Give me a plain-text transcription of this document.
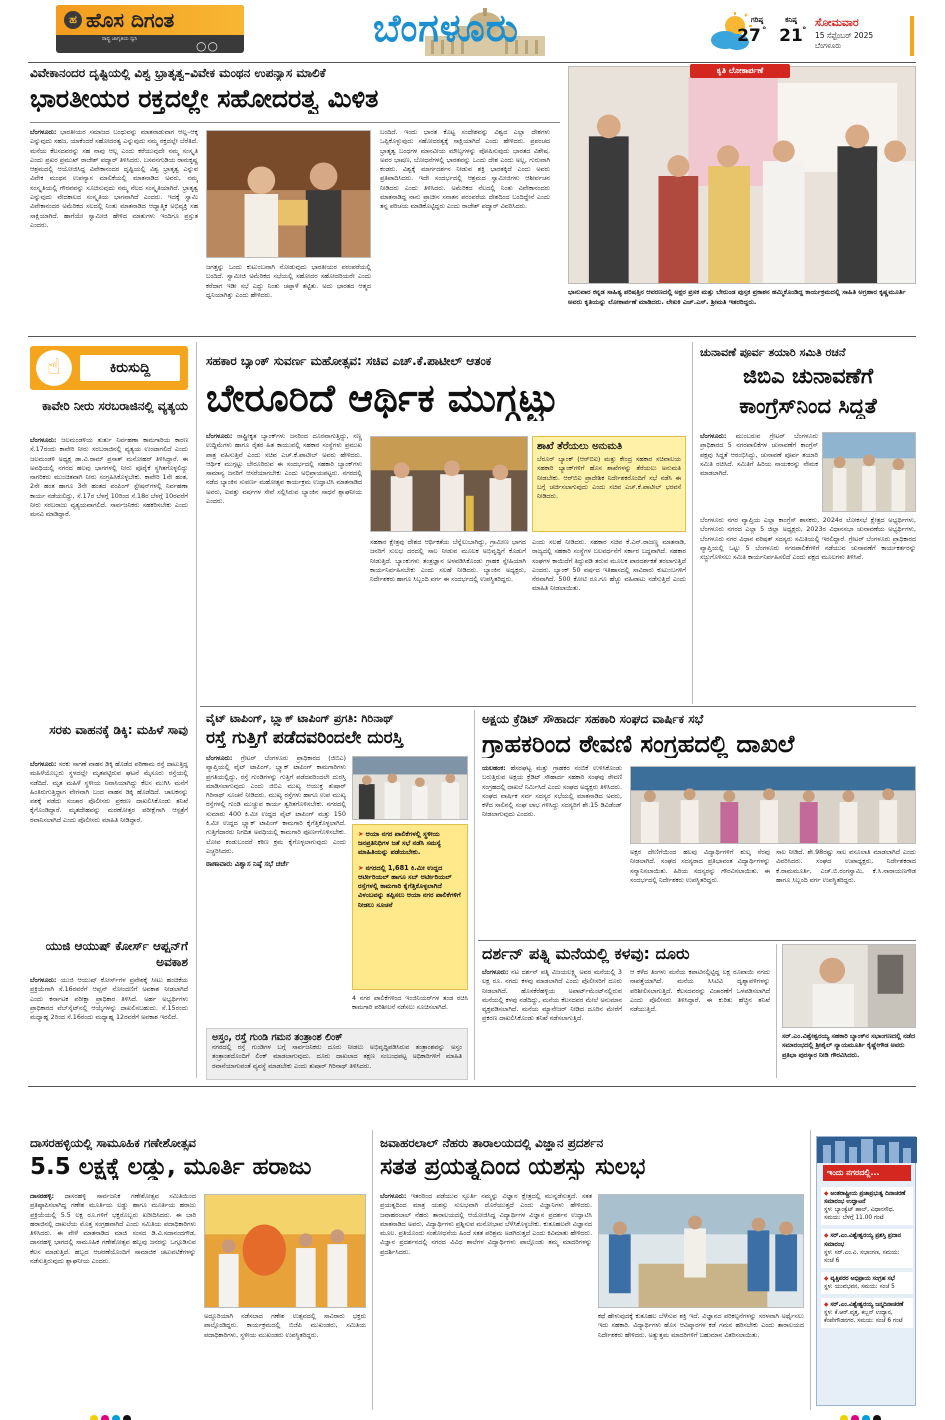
ಹ ಹೊಸ ದಿಗಂತ
ರಾಷ್ಟ್ರ ಜಾಗೃತಿಯ ಧ್ವನಿ	○○	ಬೆಂಗಳೂರು	ಗರಿಷ್ಠ
27 °
ಕನಿಷ್ಠ
21 °
ಸೋಮವಾರ
15 ಸೆಪ್ಟೆಂಬರ್ 2025
ಬೆಂಗಳೂರು
ವಿವೇಕಾನಂದರ ದೃಷ್ಟಿಯಲ್ಲಿ ವಿಶ್ವ ಭ್ರಾತೃತ್ವ–ವಿವೇಕ ಮಂಥನ ಉಪನ್ಯಾಸ ಮಾಲಿಕೆ
ಭಾರತೀಯರ ರಕ್ತದಲ್ಲೇ ಸಹೋದರತ್ವ ಮಿಳಿತ
ಬೆಂಗಳೂರು: ಭಾರತೀಯರ ಸಮಾಜದ ಬಂಧುವನ್ನು ಮಾತನಾಡುವಾಗ ಆಲ್ಲ–ಆಕ್ಕ ಎನ್ನುವುದು ಸಹಜ, ಯಾಕೆಂದರೆ ಸಹೋದರತ್ವ ಎನ್ನುವುದು ನಮ್ಮ ರಕ್ತದಲ್ಲೇ ಬೆರೆತಿದೆ. ಮನೆಯ ಕೆಲಸದವರನ್ನು ಸಹ ನಾವು ಆಲ್ಲ ಎಂದು ಕರೆಯುವುದೇ ನಮ್ಮ ಸಂಸ್ಕೃತಿ ಎಂದು ಪ್ರಖರ ಪ್ರಮುಖ್ ರಾಜೇಶ್ ಪದ್ಮಾರ್ ತಿಳಿಸಿದರು. ಬಸವನಗುಡಿಯ ರಾಮಕೃಷ್ಣ ಆಶ್ರಮದಲ್ಲಿ ಆಯೋಜಿಸಿದ್ದ ವಿವೇಕಾನಂದರ ದೃಷ್ಟಿಯಲ್ಲಿ ವಿಶ್ವ ಭ್ರಾತೃತ್ವ ಎನ್ನುವ ವಿವೇಕ ಮಂಥನ ಉಪನ್ಯಾಸ ಮಾಲಿಕೆಯಲ್ಲಿ ಮಾತನಾಡಿದ ಅವರು, ನಮ್ಮ ಸಂಸ್ಕೃತಿಯಲ್ಲಿ ಗೌರವವನ್ನು ಸೂಚಿಸುವುದು ನಮ್ಮ ನೆಲದ ಸಂಸ್ಕೃತಿಯಾಗಿದೆ. ಭ್ರಾತೃತ್ವ ಎನ್ನುವುದು ವೇದಕಾಲದ ಸಂಸ್ಕೃತಿಯ ಭಾಗವಾಗಿದೆ ಎಂದರು. ಇದಕ್ಕೆ ಸ್ವಾಮಿ ವಿವೇಕಾನಂದರ ಅಮೆರಿಕದ ಸಲದಲ್ಲಿ ನಿಂತು ಮಾತನಾಡಿದ ಆಧ್ಯಾತ್ಮಿಕ ಅಭಿವ್ಯಕ್ತಿ ಸಹ ಸಾಕ್ಷಿಯಾಗಿದೆ. ಹಾಗೆಯೇ ಸ್ವಾಮೀಜಿ ಹೇಳಿದ ಮಾತುಗಳು ಇಂದಿಗೂ ಪ್ರಸ್ತುತ ಎಂದರು.
ಜಗತ್ತನ್ನು ಒಂದು ಕುಟುಂಬವಾಗಿ ನೋಡುವುದು ಭಾರತೀಯರ ಪರಂಪರೆಯಲ್ಲಿ ಬಂದಿದೆ. ಸ್ವಾಮೀಜಿ ಅಮೆರಿಕದ ಸಭೆಯಲ್ಲಿ ಸಹೋದರ ಸಹೋದರಿಯರೇ ಎಂದು ಕರೆದಾಗ ಇಡೀ ಸಭೆ ಎದ್ದು ನಿಂತು ಚಪ್ಪಾಳೆ ತಟ್ಟಿತು. ಅದು ಭಾರತದ ಆತ್ಮದ ಧ್ವನಿಯಾಗಿತ್ತು ಎಂದು ಹೇಳಿದರು.
ಬಂದಿದೆ. ಇಂದು ಭಾರತ ಕೊಟ್ಟ ಸಂದೇಶವನ್ನು ವಿಶ್ವದ ಎಲ್ಲಾ ದೇಶಗಳು ಒಪ್ಪಿಕೊಳ್ಳುವುದು ಸಹೋದರತ್ವಕ್ಕೆ ಸಾಕ್ಷಿಯಾಗಿದೆ ಎಂದು ಹೇಳಿದರು. ಪ್ರಪಂಚದ ಭ್ರಾತೃತ್ವ ಬಂಧಗಳ ಮಾನವೀಯ ಮೌಲ್ಯಗಳನ್ನು ಪೋಷಿಸುವುದು ಭಾರತದ ವಿಶೇಷ. ಅವರ ಭಾಷಣ, ಬೋಧನೆಗಳಲ್ಲಿ ಭಾರತವನ್ನು ಒಂದು ದೇಶ ಎಂದು ಅಲ್ಲ, ಗುರುವಾಗಿ ಕಂಡರು. ವಿಶ್ವಕ್ಕೆ ಮಾರ್ಗದರ್ಶನ ನೀಡುವ ಶಕ್ತಿ ಭಾರತಕ್ಕಿದೆ ಎಂದು ಅವರು ಪ್ರತಿಪಾದಿಸಿದರು. ಇದೇ ಸಂದರ್ಭದಲ್ಲಿ ಆಶ್ರಮದ ಸ್ವಾಮೀಜಿಗಳು ಆಶೀರ್ವಚನ ನೀಡಿದರು ಎಂದು ತಿಳಿಸಿದರು. ಅಮೆರಿಕದ ನೆಲದಲ್ಲಿ ನಿಂತು ವಿವೇಕಾನಂದರು ಮಾತನಾಡಿದ್ದ ನಾನು ಪ್ರಾಚೀನ ಸನಾತನ ಪರಂಪರೆಯ ದೇಶದಿಂದ ಬಂದಿದ್ದೇನೆ ಎಂದು ತನ್ನ ಪರಿಚಯ ಮಾಡಿಕೊಟ್ಟಿದ್ದರು ಎಂದು ರಾಜೇಶ್ ಪದ್ಮಾರ್ ವಿವರಿಸಿದರು.
ಕೃತಿ ಲೋಕಾರ್ಪಣೆ
ಭಾನುವಾರ ಕನ್ನಡ ಸಾಹಿತ್ಯ ಪರಿಷತ್ತಿನ ಆವರಣದಲ್ಲಿ ಅಕ್ಷರ ಪ್ರಸಕ ಮತ್ತು ಬೇರುಂಡ ಪುಸ್ತಕ ಪ್ರಕಾಶನ ಹಮ್ಮಿಕೊಂಡಿದ್ದ ಕಾರ್ಯಕ್ರಮದಲ್ಲಿ ಸಾಹಿತಿ ಅಗ್ರಹಾರ ಕೃಷ್ಣಮೂರ್ತಿ ಅವರು ಕೃತಿಯನ್ನು ಲೋಕಾರ್ಪಣೆ ಮಾಡಿದರು. ಲೇಖಕಿ ಎಚ್.ಎಸ್. ಶ್ರೀಮತಿ ಇತರರಿದ್ದರು.
☝	ಕಿರುಸುದ್ದಿ
ಕಾವೇರಿ ನೀರು ಸರಬರಾಜಿನಲ್ಲಿ ವ್ಯತ್ಯಯ
ಬೆಂಗಳೂರು: ಜಲಮಂಡಳಿಯ ತುರ್ತು ನಿರ್ವಹಣಾ ಕಾಮಗಾರಿಯ ಕಾರಣ ಸೆ.17ರಂದು ಕಾವೇರಿ ನೀರು ಸರಬರಾಜಿನಲ್ಲಿ ವ್ಯತ್ಯಯ ಉಂಟಾಗಲಿದೆ ಎಂದು ಜಲಮಂಡಳಿ ಅಧ್ಯಕ್ಷ ಡಾ.ವಿ.ರಾಮ್ ಪ್ರಸಾತ್ ಮನೋಹರ್ ತಿಳಿಸಿದ್ದಾರೆ. ಈ ಅವಧಿಯಲ್ಲಿ ನಗರದ ಹಲವು ಭಾಗಗಳಲ್ಲಿ ನೀರು ಪೂರೈಕೆ ಸ್ಥಗಿತಗೊಳ್ಳಲಿದ್ದು ನಾಗರಿಕರು ಮುಂಚಿತವಾಗಿ ನೀರು ಸಂಗ್ರಹಿಸಿಕೊಳ್ಳಬೇಕು. ಕಾವೇರಿ 1ನೇ ಹಂತ, 2ನೇ ಹಂತ ಹಾಗೂ 3ನೇ ಹಂತದ ಪಂಪಿಂಗ್ ಸ್ಟೇಷನ್‌ಗಳಲ್ಲಿ ನಿರ್ವಹಣಾ ಕಾರ್ಯ ನಡೆಯಲಿದ್ದು, ಸೆ.17ರ ಬೆಳಗ್ಗೆ 10ರಿಂದ ಸೆ.18ರ ಬೆಳಗ್ಗೆ 10ರವರೆಗೆ ನೀರು ಸರಬರಾಜು ವ್ಯತ್ಯಯವಾಗಲಿದೆ. ಸಾರ್ವಜನಿಕರು ಸಹಕರಿಸಬೇಕು ಎಂದು ಮನವಿ ಮಾಡಿದ್ದಾರೆ.
ಸರಕು ವಾಹನಕ್ಕೆ ಡಿಕ್ಕಿ: ಮಹಿಳೆ ಸಾವು
ಬೆಂಗಳೂರು: ಸರಕು ಸಾಗಣೆ ವಾಹನ ಡಿಕ್ಕಿ ಹೊಡೆದ ಪರಿಣಾಮ ರಸ್ತೆ ದಾಟುತ್ತಿದ್ದ ಮಹಿಳೆಯೊಬ್ಬರು ಸ್ಥಳದಲ್ಲೇ ಮೃತಪಟ್ಟಿರುವ ಘಟನೆ ಮೈಸೂರು ರಸ್ತೆಯಲ್ಲಿ ನಡೆದಿದೆ. ಮೃತ ಮಹಿಳೆ ಸ್ಥಳೀಯ ನಿವಾಸಿಯಾಗಿದ್ದು ಕೆಲಸ ಮುಗಿಸಿ ಮನೆಗೆ ಹಿಂತಿರುಗುತ್ತಿದ್ದಾಗ ವೇಗವಾಗಿ ಬಂದ ವಾಹನ ಡಿಕ್ಕಿ ಹೊಡೆದಿದೆ. ಚಾಲಕನನ್ನು ವಶಕ್ಕೆ ಪಡೆದು ಸಂಚಾರ ಪೊಲೀಸರು ಪ್ರಕರಣ ದಾಖಲಿಸಿಕೊಂಡು ತನಿಖೆ ಕೈಗೊಂಡಿದ್ದಾರೆ. ಮೃತದೇಹವನ್ನು ಮರಣೋತ್ತರ ಪರೀಕ್ಷೆಗಾಗಿ ಆಸ್ಪತ್ರೆಗೆ ರವಾನಿಸಲಾಗಿದೆ ಎಂದು ಪೊಲೀಸರು ಮಾಹಿತಿ ನೀಡಿದ್ದಾರೆ.
ಯುಜಿ ಆಯುಷ್ ಕೋರ್ಸ್ ಆಪ್ಷನ್‌ಗೆ ಅವಕಾಶ
ಬೆಂಗಳೂರು: ಯುಜಿ ಆಯುಷ್ ಕೋರ್ಸ್‌ಗಳ ಪ್ರವೇಶಕ್ಕೆ ಸೀಟು ಹಂಚಿಕೆಯ ಪ್ರಕ್ರಿಯೆಗಾಗಿ ಸೆ.16ರವರೆಗೆ ಆಪ್ಷನ್ ನೋಂದಣಿಗೆ ಅವಕಾಶ ನೀಡಲಾಗಿದೆ ಎಂದು ಕರ್ನಾಟಕ ಪರೀಕ್ಷಾ ಪ್ರಾಧಿಕಾರ ತಿಳಿಸಿದೆ. ಅರ್ಹ ಅಭ್ಯರ್ಥಿಗಳು ಪ್ರಾಧಿಕಾರದ ವೆಬ್‌ಸೈಟ್‌ನಲ್ಲಿ ಆಯ್ಕೆಗಳನ್ನು ದಾಖಲಿಸಬಹುದು. ಸೆ.15ರಂದು ಮಧ್ಯಾಹ್ನ 2ರಿಂದ ಸೆ.16ರಂದು ಮಧ್ಯಾಹ್ನ 12ರವರೆಗೆ ಅವಕಾಶ ಇರಲಿದೆ.
ಸಹಕಾರ ಬ್ಯಾಂಕ್ ಸುವರ್ಣ ಮಹೋತ್ಸವ: ಸಚಿವ ಎಚ್.ಕೆ.ಪಾಟೀಲ್ ಆತಂಕ
ಬೇರೂರಿದೆ ಆರ್ಥಿಕ ಮುಗ್ಗಟ್ಟು
ಬೆಂಗಳೂರು: ರಾಷ್ಟ್ರೀಕೃತ ಬ್ಯಾಂಕ್‌ಗಳು ಜನರಿಂದ ದೂರವಾಗುತ್ತಿದ್ದು, ಸಣ್ಣ ಉದ್ದಿಮೆಗಳು ಹಾಗೂ ರೈತರ ಹಿತ ಕಾಯುವಲ್ಲಿ ಸಹಕಾರ ಸಂಸ್ಥೆಗಳು ಪ್ರಮುಖ ಪಾತ್ರ ವಹಿಸುತ್ತಿವೆ ಎಂದು ಸಚಿವ ಎಚ್.ಕೆ.ಪಾಟೀಲ್ ಅವರು ಹೇಳಿದರು. ಆರ್ಥಿಕ ಮುಗ್ಗಟ್ಟು ಬೇರೂರಿರುವ ಈ ಸಂದರ್ಭದಲ್ಲಿ ಸಹಕಾರಿ ಬ್ಯಾಂಕ್‌ಗಳು ಸಾಮಾನ್ಯ ಜನರಿಗೆ ಆಸರೆಯಾಗಬೇಕು ಎಂದು ಅಭಿಪ್ರಾಯಪಟ್ಟರು. ನಗರದಲ್ಲಿ ನಡೆದ ಬ್ಯಾಂಕಿನ ಸುವರ್ಣ ಮಹೋತ್ಸವ ಕಾರ್ಯಕ್ರಮ ಉದ್ಘಾಟಿಸಿ ಮಾತನಾಡಿದ ಅವರು, ಐವತ್ತು ವರ್ಷಗಳ ಸೇವೆ ಸಲ್ಲಿಸಿರುವ ಬ್ಯಾಂಕಿನ ಸಾಧನೆ ಶ್ಲಾಘನೀಯ ಎಂದರು.
ಶಾಖೆ ತೆರೆಯಲು ಅನುಮತಿ
ಬೆರೂರ್ ಬ್ಯಾಂಕ್ (ಆರ್‌ಬಿಐ) ಮತ್ತು ಕೇಂದ್ರ ಸಹಕಾರ ಸಚಿವಾಲಯ ಸಹಕಾರಿ ಬ್ಯಾಂಕ್‌ಗಳಿಗೆ ಹೊಸ ಶಾಖೆಗಳನ್ನು ತೆರೆಯಲು ಅನುಮತಿ ನೀಡಬೇಕು. ಆರ್‌ಬಿಐ ಪ್ರಾದೇಶಿಕ ನಿರ್ದೇಶಕರೊಂದಿಗೆ ಸಭೆ ನಡೆಸಿ ಈ ಬಗ್ಗೆ ಚರ್ಚಿಸಲಾಗುವುದು ಎಂದು ಸಚಿವ ಎಚ್.ಕೆ.ಪಾಟೀಲ್ ಭರವಸೆ ನೀಡಿದರು.
ಸಹಕಾರ ಕ್ಷೇತ್ರವು ದೇಶದ ಆರ್ಥಿಕತೆಯ ಬೆನ್ನೆಲುಬಾಗಿದ್ದು, ಗ್ರಾಮೀಣ ಭಾಗದ ಜನರಿಗೆ ಸುಲಭ ದರದಲ್ಲಿ ಸಾಲ ನೀಡುವ ಮೂಲಕ ಅಭಿವೃದ್ಧಿಗೆ ಕೊಡುಗೆ ನೀಡುತ್ತಿದೆ. ಬ್ಯಾಂಕುಗಳು ತಂತ್ರಜ್ಞಾನ ಅಳವಡಿಸಿಕೊಂಡು ಗ್ರಾಹಕ ಸ್ನೇಹಿಯಾಗಿ ಕಾರ್ಯನಿರ್ವಹಿಸಬೇಕು ಎಂದು ಸಲಹೆ ನೀಡಿದರು. ಬ್ಯಾಂಕಿನ ಅಧ್ಯಕ್ಷರು, ನಿರ್ದೇಶಕರು ಹಾಗೂ ಸಿಬ್ಬಂದಿ ವರ್ಗ ಈ ಸಂದರ್ಭದಲ್ಲಿ ಉಪಸ್ಥಿತರಿದ್ದರು.
ಎಂದು ಸಲಹೆ ನೀಡಿದರು. ಸಹಕಾರ ಸಚಿವ ಕೆ.ಎನ್.ರಾಜಣ್ಣ ಮಾತನಾಡಿ, ರಾಜ್ಯದಲ್ಲಿ ಸಹಕಾರಿ ಸಂಸ್ಥೆಗಳ ಬಲವರ್ಧನೆಗೆ ಸರ್ಕಾರ ಬದ್ಧವಾಗಿದೆ. ಸಹಕಾರ ಸಂಘಗಳ ಕಾಯಿದೆಗೆ ತಿದ್ದುಪಡಿ ತರುವ ಮೂಲಕ ಪಾರದರ್ಶಕತೆ ತರಲಾಗುತ್ತಿದೆ ಎಂದರು. ಬ್ಯಾಂಕ್ 50 ವರ್ಷದ ಇತಿಹಾಸದಲ್ಲಿ ಸಾವಿರಾರು ಕುಟುಂಬಗಳಿಗೆ ನೆರವಾಗಿದೆ. 500 ಕೋಟಿ ರೂ.ಗೂ ಹೆಚ್ಚು ವಹಿವಾಟು ನಡೆಸುತ್ತಿದೆ ಎಂದು ಮಾಹಿತಿ ನೀಡಲಾಯಿತು.
ಚುನಾವಣೆ ಪೂರ್ವ ತಯಾರಿ ಸಮಿತಿ ರಚನೆ
ಜಿಬಿಎ ಚುನಾವಣೆಗೆ
ಕಾಂಗ್ರೆಸ್‌ನಿಂದ ಸಿದ್ಧತೆ
ಬೆಂಗಳೂರು: ಮುಂಬರುವ ಗ್ರೇಟರ್ ಬೆಂಗಳೂರು ಪ್ರಾಧಿಕಾರದ 5 ನಗರಪಾಲಿಕೆಗಳ ಚುನಾವಣೆಗೆ ಕಾಂಗ್ರೆಸ್ ಪಕ್ಷವು ಸಿದ್ಧತೆ ಆರಂಭಿಸಿದ್ದು, ಚುನಾವಣೆ ಪೂರ್ವ ತಯಾರಿ ಸಮಿತಿ ರಚಿಸಿದೆ. ಸಮಿತಿಗೆ ಹಿರಿಯ ನಾಯಕರನ್ನು ನೇಮಕ ಮಾಡಲಾಗಿದೆ.
ಬೆಂಗಳೂರು ನಗರ ವ್ಯಾಪ್ತಿಯ ಎಲ್ಲಾ ಕಾಂಗ್ರೆಸ್ ಶಾಸಕರು, 2024ರ ಲೋಕಸಭೆ ಕ್ಷೇತ್ರದ ಅಭ್ಯರ್ಥಿಗಳು, ಬೆಂಗಳೂರು ನಗರದ ಎಲ್ಲಾ 5 ಜಿಲ್ಲಾ ಅಧ್ಯಕ್ಷರು, 2023ರ ವಿಧಾನಸಭಾ ಚುನಾವಣೆಯ ಅಭ್ಯರ್ಥಿಗಳು, ಬೆಂಗಳೂರು ನಗರ ವಿಧಾನ ಪರಿಷತ್ ಸದಸ್ಯರು ಸಮಿತಿಯಲ್ಲಿ ಇರಲಿದ್ದಾರೆ. ಗ್ರೇಟರ್ ಬೆಂಗಳೂರು ಪ್ರಾಧಿಕಾರದ ವ್ಯಾಪ್ತಿಯಲ್ಲಿ ಒಟ್ಟು 5 ಬೆಂಗಳೂರು ನಗರಪಾಲಿಕೆಗಳಿಗೆ ನಡೆಯುವ ಚುನಾವಣೆಗೆ ಕಾರ್ಯಕರ್ತರನ್ನು ಸಜ್ಜುಗೊಳಿಸಲು ಸಮಿತಿ ಕಾರ್ಯನಿರ್ವಹಿಸಲಿದೆ ಎಂದು ಪಕ್ಷದ ಮೂಲಗಳು ತಿಳಿಸಿವೆ.
ವೈಟ್ ಟಾಪಿಂಗ್, ಬ್ಲ್ಯಾಕ್ ಟಾಪಿಂಗ್ ಪ್ರಗತಿ: ಗಿರಿನಾಥ್
ರಸ್ತೆ ಗುತ್ತಿಗೆ ಪಡೆದವರಿಂದಲೇ ದುರಸ್ತಿ
ಬೆಂಗಳೂರು: ಗ್ರೇಟರ್ ಬೆಂಗಳೂರು ಪ್ರಾಧಿಕಾರದ (ಜಿಬಿಎ) ವ್ಯಾಪ್ತಿಯಲ್ಲಿ ವೈಟ್ ಟಾಪಿಂಗ್, ಬ್ಲ್ಯಾಕ್ ಟಾಪಿಂಗ್ ಕಾಮಗಾರಿಗಳು ಪ್ರಗತಿಯಲ್ಲಿದ್ದು, ರಸ್ತೆ ಗುಂಡಿಗಳನ್ನು ಗುತ್ತಿಗೆ ಪಡೆದವರಿಂದಲೇ ದುರಸ್ತಿ ಮಾಡಿಸಲಾಗುವುದು ಎಂದು ಜಿಬಿಎ ಮುಖ್ಯ ಆಯುಕ್ತ ತುಷಾರ್ ಗಿರಿನಾಥ್ ಸೂಚನೆ ನೀಡಿದರು. ಮುಖ್ಯ ರಸ್ತೆಗಳು ಹಾಗೂ ಉಪ ಮುಖ್ಯ ರಸ್ತೆಗಳಲ್ಲಿ ಗುಂಡಿ ಮುಚ್ಚುವ ಕಾರ್ಯ ತ್ವರಿತಗೊಳಿಸಬೇಕು. ನಗರದಲ್ಲಿ ಸುಮಾರು 400 ಕಿ.ಮೀ ಉದ್ದದ ವೈಟ್ ಟಾಪಿಂಗ್ ಮತ್ತು 150 ಕಿ.ಮೀ ಉದ್ದದ ಬ್ಲ್ಯಾಕ್ ಟಾಪಿಂಗ್ ಕಾಮಗಾರಿ ಕೈಗೆತ್ತಿಕೊಳ್ಳಲಾಗಿದೆ. ಗುತ್ತಿಗೆದಾರರು ನಿಗದಿತ ಅವಧಿಯಲ್ಲಿ ಕಾಮಗಾರಿ ಪೂರ್ಣಗೊಳಿಸಬೇಕು. ಲೋಪ ಕಂಡುಬಂದರೆ ಕಠಿಣ ಕ್ರಮ ಕೈಗೊಳ್ಳಲಾಗುವುದು ಎಂದು ಎಚ್ಚರಿಸಿದರು.
ಠಾಣಾವಾರು ವಿಶ್ವಾಸ ನಿಷ್ಠೆ ಸಭೆ ಚರ್ಚೆ
➤ ಆಯಾ ನಗರ ಪಾಲಿಕೆಗಳಲ್ಲಿ ಸ್ಥಳೀಯ ಜನಪ್ರತಿನಿಧಿಗಳ ಜತೆ ಸಭೆ ನಡೆಸಿ ಸಮಸ್ಯೆ ಮಾಹಿತಿಯನ್ನು ಪಡೆಯಬೇಕು.
➤ ನಗರದಲ್ಲಿ 1,681 ಕಿ.ಮೀ ಉದ್ದದ ಆರ್ಟೀರಿಯಲ್ ಹಾಗೂ ಸಬ್ ಆರ್ಟೀರಿಯಲ್ ರಸ್ತೆಗಳಲ್ಲಿ ಕಾಮಗಾರಿ ಕೈಗೆತ್ತಿಕೊಳ್ಳಲಾಗಿದೆ ವಿಳಂಬವನ್ನು ತಪ್ಪಿಸಲು ಆಯಾ ನಗರ ಪಾಲಿಕೆಗಳಿಗೆ ನೀಡಲು ಸೂಚನೆ
4 ನಗರ ಪಾಲಿಕೆಗಳಿಂದ ಇಂಜಿನಿಯರ್‌ಗಳ ತಂಡ ರಚಿಸಿ ಕಾಮಗಾರಿ ಪರಿಶೀಲನೆ ನಡೆಸಲು ಸೂಚಿಸಲಾಗಿದೆ.
ಅಸ್ತಂ, ರಸ್ತೆ ಗುಂಡಿ ಗಮನ ತಂತ್ರಾಂಶ ಲಿಂಕ್
ನಗರದಲ್ಲಿ ರಸ್ತೆ ಗುಂಡಿಗಳ ಬಗ್ಗೆ ಸಾರ್ವಜನಿಕರು ದೂರು ನೀಡಲು ಅಭಿವೃದ್ಧಿಪಡಿಸಿರುವ ತಂತ್ರಾಂಶವನ್ನು ಅಸ್ತಂ ತಂತ್ರಾಂಶದೊಂದಿಗೆ ಲಿಂಕ್ ಮಾಡಲಾಗುವುದು. ದೂರು ದಾಖಲಾದ ತಕ್ಷಣ ಸಂಬಂಧಪಟ್ಟ ಅಧಿಕಾರಿಗಳಿಗೆ ಮಾಹಿತಿ ರವಾನೆಯಾಗುವಂತೆ ವ್ಯವಸ್ಥೆ ಮಾಡಬೇಕು ಎಂದು ತುಷಾರ್ ಗಿರಿನಾಥ್ ತಿಳಿಸಿದರು.
ಅಕ್ಷಯ ಕ್ರೆಡಿಟ್ ಸೌಹಾರ್ದ ಸಹಕಾರಿ ಸಂಘದ ವಾರ್ಷಿಕ ಸಭೆ
ಗ್ರಾಹಕರಿಂದ ಠೇವಣಿ ಸಂಗ್ರಹದಲ್ಲಿ ದಾಖಲೆ
ಯಲಹಂಕ: ಹೆಸರಘಟ್ಟ ಮತ್ತು ಗ್ರಾಹಕರ ನಂಬಿಕೆ ಉಳಿಸಿಕೊಂಡು ಬರುತ್ತಿರುವ ಅಕ್ಷಯ ಕ್ರೆಡಿಟ್ ಸೌಹಾರ್ದ ಸಹಕಾರಿ ಸಂಘವು ಠೇವಣಿ ಸಂಗ್ರಹದಲ್ಲಿ ದಾಖಲೆ ನಿರ್ಮಿಸಿದೆ ಎಂದು ಸಂಘದ ಅಧ್ಯಕ್ಷರು ತಿಳಿಸಿದರು. ಸಂಘದ ವಾರ್ಷಿಕ ಸರ್ವ ಸದಸ್ಯರ ಸಭೆಯಲ್ಲಿ ಮಾತನಾಡಿದ ಅವರು, ಕಳೆದ ಸಾಲಿನಲ್ಲಿ ಸಂಘ ಲಾಭ ಗಳಿಸಿದ್ದು ಸದಸ್ಯರಿಗೆ ಶೇ.15 ಡಿವಿಡೆಂಡ್ ನೀಡಲಾಗುವುದು ಎಂದರು.
ಅಕ್ಷರ ದೇಣಿಗೆಯಿಂದ ಹಲವು ವಿದ್ಯಾರ್ಥಿಗಳಿಗೆ ಶುಲ್ಕ ನೆರವು ನೀಡಲಾಗಿದೆ. ಸಂಘದ ಸದಸ್ಯರಾದ ಪ್ರತಿಭಾವಂತ ವಿದ್ಯಾರ್ಥಿಗಳನ್ನು ಸನ್ಮಾನಿಸಲಾಯಿತು. ಹಿರಿಯ ಸದಸ್ಯರನ್ನು ಗೌರವಿಸಲಾಯಿತು. ಈ ಸಂದರ್ಭದಲ್ಲಿ ನಿರ್ದೇಶಕರು ಉಪಸ್ಥಿತರಿದ್ದರು.
ಸಾಲ ನೀಡಿದೆ. ಶೇ.98ರಷ್ಟು ಸಾಲ ವಸೂಲಾತಿ ಮಾಡಲಾಗಿದೆ ಎಂದು ವಿವರಿಸಿದರು. ಸಂಘದ ಉಪಾಧ್ಯಕ್ಷರು, ನಿರ್ದೇಶಕರಾದ ಕೆ.ರಾಮಮೂರ್ತಿ, ಎಚ್.ಬಿ.ರಂಗಸ್ವಾಮಿ, ಕೆ.ಸಿ.ನಾರಾಯಣಗೌಡ ಹಾಗೂ ಸಿಬ್ಬಂದಿ ವರ್ಗ ಉಪಸ್ಥಿತರಿದ್ದರು.
ದರ್ಶನ್ ಪತ್ನಿ ಮನೆಯಲ್ಲಿ ಕಳವು: ದೂರು
ಬೆಂಗಳೂರು: ನಟ ದರ್ಶನ್ ಪತ್ನಿ ವಿಜಯಲಕ್ಷ್ಮಿ ಅವರ ಮನೆಯಲ್ಲಿ 3 ಲಕ್ಷ ರೂ. ನಗದು ಕಳವು ಮಾಡಲಾಗಿದೆ ಎಂದು ಪೊಲೀಸರಿಗೆ ದೂರು ನೀಡಲಾಗಿದೆ. ಹೊಸಕೆರೆಹಳ್ಳಿಯ ಅಪಾರ್ಟ್‌ಮೆಂಟ್‌ನಲ್ಲಿರುವ ಮನೆಯಲ್ಲಿ ಕಳವು ನಡೆದಿದ್ದು, ಮನೆಯ ಕೆಲಸದವರ ಮೇಲೆ ಅನುಮಾನ ವ್ಯಕ್ತಪಡಿಸಲಾಗಿದೆ. ಮನೆಯ ಮ್ಯಾನೇಜರ್ ನೀಡಿದ ದೂರಿನ ಮೇರೆಗೆ ಪ್ರಕರಣ ದಾಖಲಿಸಿಕೊಂಡು ತನಿಖೆ ನಡೆಸಲಾಗುತ್ತಿದೆ.
ಆ ಕಳೆದ ತಿಂಗಳು ಮನೆಯ ಕಪಾಟಿನಲ್ಲಿಟ್ಟಿದ್ದ ಲಕ್ಷ ರೂಪಾಯಿ ನಗದು ನಾಪತ್ತೆಯಾಗಿದೆ. ಮನೆಯ ಸಿಸಿಟಿವಿ ದೃಶ್ಯಾವಳಿಗಳನ್ನು ಪರಿಶೀಲಿಸಲಾಗುತ್ತಿದೆ. ಕೆಲಸದವರನ್ನು ವಿಚಾರಣೆಗೆ ಒಳಪಡಿಸಲಾಗಿದೆ ಎಂದು ಪೊಲೀಸರು ತಿಳಿಸಿದ್ದಾರೆ. ಈ ಕುರಿತು ಹೆಚ್ಚಿನ ತನಿಖೆ ನಡೆಯುತ್ತಿದೆ.
ಸರ್.ಎಂ.ವಿಶ್ವೇಶ್ವರಯ್ಯ ಸಹಕಾರಿ ಬ್ಯಾಂಕ್‌ನ ಸಭಾಂಗಣದಲ್ಲಿ ನಡೆದ ಸಮಾರಂಭದಲ್ಲಿ ಶ್ರೀಶೈಲ್ ನ್ಯಾಯಮೂರ್ತಿ ಕೈಷ್ಣೇಗೌಡ ಅವರು ಪ್ರತಿಭಾ ಪುರಸ್ಕಾರ ನೀಡಿ ಗೌರವಿಸಿದರು.
ದಾಸರಹಳ್ಳಿಯಲ್ಲಿ ಸಾಮೂಹಿಕ ಗಣೇಶೋತ್ಸವ
5.5 ಲಕ್ಷಕ್ಕೆ ಲಡ್ಡು, ಮೂರ್ತಿ ಹರಾಜು
ದಾಸರಹಳ್ಳಿ: ದಾಸರಹಳ್ಳಿ ಸಾರ್ವಜನಿಕ ಗಣೇಶೋತ್ಸವ ಸಮಿತಿಯಿಂದ ಪ್ರತಿಷ್ಠಾಪಿಸಲಾಗಿದ್ದ ಗಣೇಶ ಮೂರ್ತಿಯ ಲಡ್ಡು ಹಾಗೂ ಮೂರ್ತಿಯ ಹರಾಜು ಪ್ರಕ್ರಿಯೆಯಲ್ಲಿ 5.5 ಲಕ್ಷ ರೂ.ಗಳಿಗೆ ಭಕ್ತರೊಬ್ಬರು ಖರೀದಿಸಿದರು. ಈ ಬಾರಿ ಹರಾಜಿನಲ್ಲಿ ದಾಖಲೆಯ ಮೊತ್ತ ಸಂಗ್ರಹವಾಗಿದೆ ಎಂದು ಸಮಿತಿಯ ಪದಾಧಿಕಾರಿಗಳು ತಿಳಿಸಿದರು. ಈ ವೇಳೆ ಮಾತನಾಡಿದ ಮಾಜಿ ಸಂಸದ ಡಿ.ವಿ.ಸದಾನಂದಗೌಡ, ದಾಸರಹಳ್ಳಿ ಭಾಗದಲ್ಲಿ ಸಾಮೂಹಿಕ ಗಣೇಶೋತ್ಸವ ಹಬ್ಬವು ಜನರನ್ನು ಒಗ್ಗೂಡಿಸುವ ಕೆಲಸ ಮಾಡುತ್ತಿದೆ. ಹಬ್ಬದ ಆಚರಣೆಯೊಂದಿಗೆ ಸಾಮಾಜಿಕ ಚಟುವಟಿಕೆಗಳನ್ನು ನಡೆಸುತ್ತಿರುವುದು ಶ್ಲಾಘನೀಯ ಎಂದರು.
ಅದ್ದೂರಿಯಾಗಿ ನಡೆಸಲಾದ ಗಣೇಶ ಉತ್ಸವದಲ್ಲಿ ಸಾವಿರಾರು ಭಕ್ತರು ಪಾಲ್ಗೊಂಡಿದ್ದರು. ಕಾರ್ಯಕ್ರಮದಲ್ಲಿ ಬಿಜೆಪಿ ಮುಖಂಡರು, ಸಮಿತಿಯ ಪದಾಧಿಕಾರಿಗಳು, ಸ್ಥಳೀಯ ಮುಖಂಡರು ಉಪಸ್ಥಿತರಿದ್ದರು.
ಜವಾಹರಲಾಲ್ ನೆಹರು ತಾರಾಲಯದಲ್ಲಿ ವಿಜ್ಞಾನ ಪ್ರದರ್ಶನ
ಸತತ ಪ್ರಯತ್ನದಿಂದ ಯಶಸ್ಸು ಸುಲಭ
ಬೆಂಗಳೂರು: ಇತರರಿಂದ ಪಡೆಯುವ ಸ್ಫೂರ್ತಿ ನಮ್ಮನ್ನು ವಿಜ್ಞಾನ ಕ್ಷೇತ್ರದಲ್ಲಿ ಮುನ್ನಡೆಸುತ್ತದೆ. ಸತತ ಪ್ರಯತ್ನದಿಂದ ಮಾತ್ರ ಯಶಸ್ಸು ಸುಲಭವಾಗಿ ದೊರೆಯುತ್ತದೆ ಎಂದು ವಿಜ್ಞಾನಿಗಳು ಹೇಳಿದರು. ಜವಾಹರಲಾಲ್ ನೆಹರು ತಾರಾಲಯದಲ್ಲಿ ಆಯೋಜಿಸಿದ್ದ ವಿದ್ಯಾರ್ಥಿಗಳ ವಿಜ್ಞಾನ ಪ್ರದರ್ಶನ ಉದ್ಘಾಟಿಸಿ ಮಾತನಾಡಿದ ಅವರು, ವಿದ್ಯಾರ್ಥಿಗಳು ಪ್ರಶ್ನಿಸುವ ಮನೋಭಾವ ಬೆಳೆಸಿಕೊಳ್ಳಬೇಕು. ಕುತೂಹಲವೇ ವಿಜ್ಞಾನದ ಮೂಲ. ಪ್ರತಿಯೊಂದು ಸಂಶೋಧನೆಯ ಹಿಂದೆ ಸತತ ಪರಿಶ್ರಮ ಅಡಗಿರುತ್ತದೆ ಎಂದು ಕಿವಿಮಾತು ಹೇಳಿದರು. ವಿಜ್ಞಾನ ಪ್ರದರ್ಶನದಲ್ಲಿ ನಗರದ ವಿವಿಧ ಶಾಲೆಗಳ ವಿದ್ಯಾರ್ಥಿಗಳು ಪಾಲ್ಗೊಂಡು ತಮ್ಮ ಮಾದರಿಗಳನ್ನು ಪ್ರದರ್ಶಿಸಿದರು.
ಕಥೆ ಹೇಳುವುದಕ್ಕೆ ಕುತೂಹಲ ಬೆಳೆಸುವ ಶಕ್ತಿ ಇದೆ. ವಿಜ್ಞಾನದ ಪರಿಕಲ್ಪನೆಗಳನ್ನು ಸರಳವಾಗಿ ಅರ್ಥೈಸಲು ಇದು ಸಹಕಾರಿ. ವಿದ್ಯಾರ್ಥಿಗಳು ಹೊಸ ಆವಿಷ್ಕಾರಗಳ ಕಡೆ ಗಮನ ಹರಿಸಬೇಕು ಎಂದು ತಾರಾಲಯದ ನಿರ್ದೇಶಕರು ಹೇಳಿದರು. ಅತ್ಯುತ್ತಮ ಮಾದರಿಗಳಿಗೆ ಬಹುಮಾನ ವಿತರಿಸಲಾಯಿತು.
ಇಂದು ನಗರದಲ್ಲಿ...
◆ ಅಂತರಾಷ್ಟ್ರೀಯ ಪ್ರಜಾಪ್ರಭುತ್ವ ದಿನಾಚರಣೆ ಸಮಾರಂಭ ಉದ್ಘಾಟನೆ
ಸ್ಥಳ: ಬ್ಯಾಂಕ್ವೆಟ್ ಹಾಲ್, ವಿಧಾನಸೌಧ. ಸಮಯ: ಬೆಳಗ್ಗೆ 11.00 ಗಂಟೆ
◆ ಸರ್.ಎಂ.ವಿಶ್ವೇಶ್ವರಯ್ಯ ಪ್ರಶಸ್ತಿ ಪ್ರದಾನ ಸಮಾರಂಭ
ಸ್ಥಳ: ಸರ್.ಎಂ.ವಿ. ಸಭಾಂಗಣ, ಸಮಯ: ಸಂಜೆ 6
◆ ವೃತ್ತಿಪರರ ಅಭಿಪ್ರಾಯ ಸಂಗ್ರಹ ಸಭೆ
ಸ್ಥಳ: ಯುವಭವನ, ಸಮಯ: ಸಂಜೆ 5
◆ ಸರ್.ಎಂ.ವಿಶ್ವೇಶ್ವರಯ್ಯ ಜನ್ಮದಿನಾಚರಣೆ
ಸ್ಥಳ: ಕೆ.ಆರ್.ವೃತ್ತ, ಕಬ್ಬನ್ ಉದ್ಯಾನ, ಕೆಂಪೇಗೌಡನಗರ. ಸಮಯ: ಸಂಜೆ 6 ಗಂಟೆ
